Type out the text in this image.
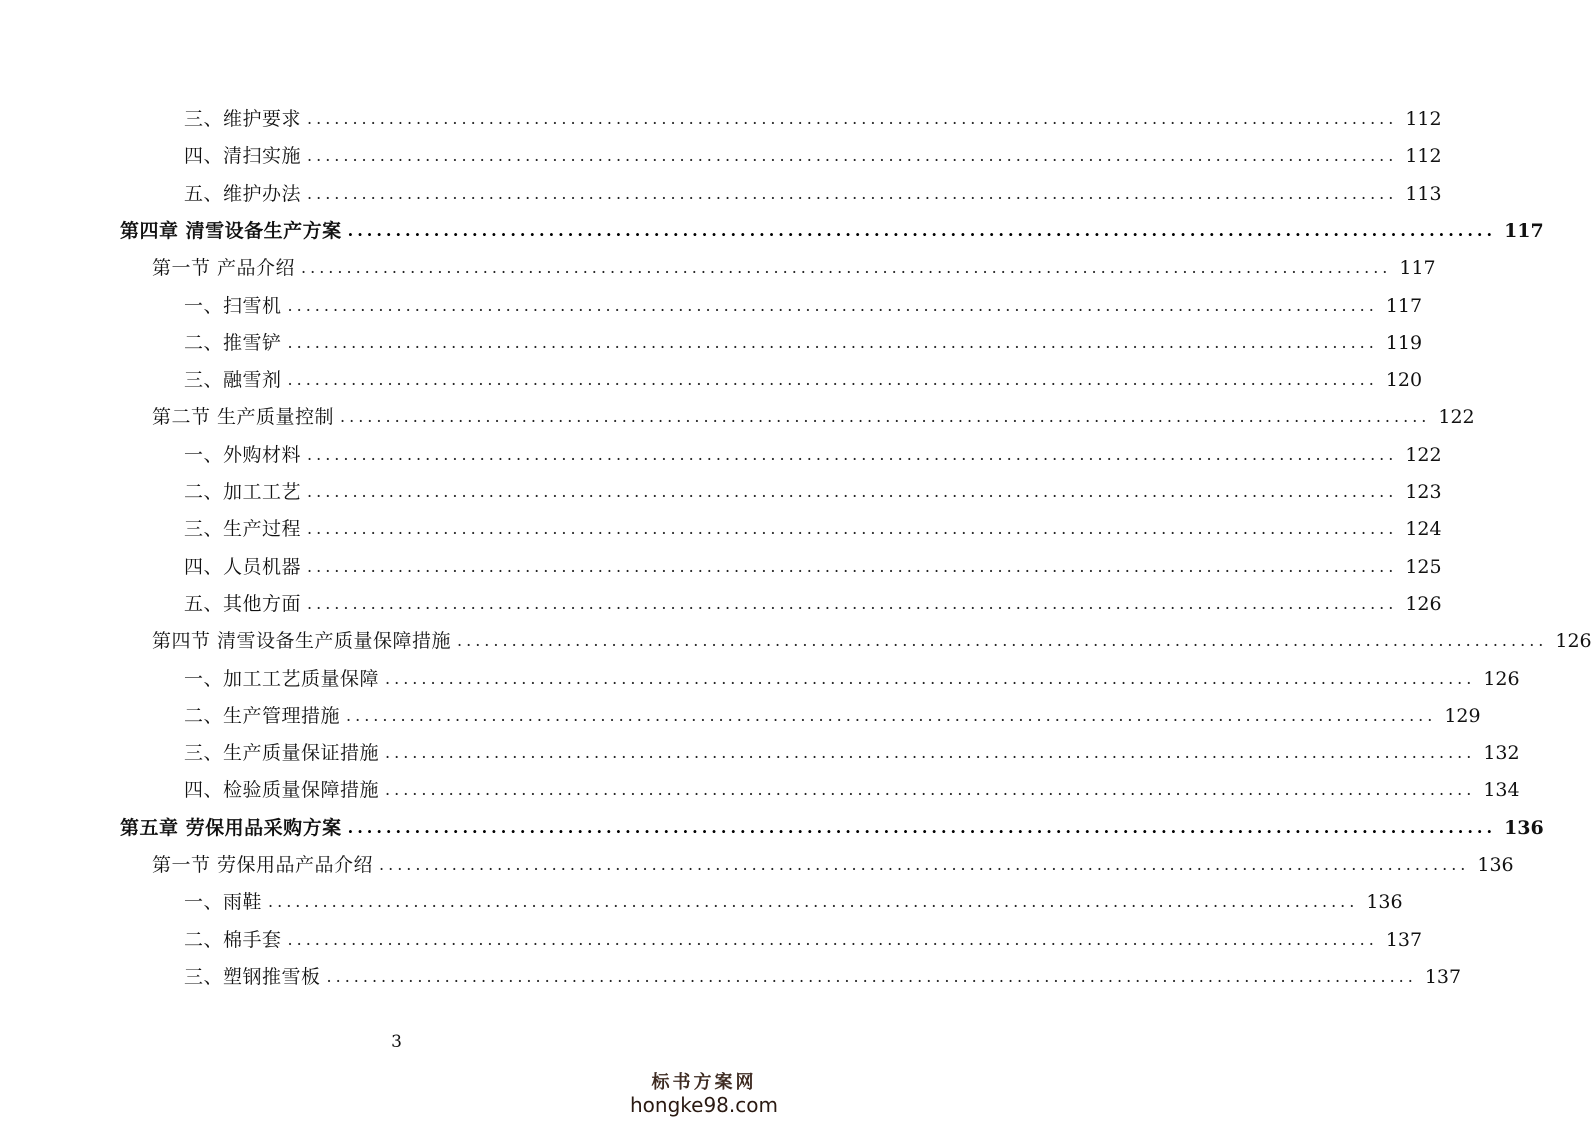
三、维护要求 ........................................................................................................................ 112
四、清扫实施 ........................................................................................................................ 112
五、维护办法 ........................................................................................................................ 113
第四章 清雪设备生产方案 ........................................................................................................................ 117
第一节 产品介绍 ........................................................................................................................ 117
一、扫雪机 ........................................................................................................................ 117
二、推雪铲 ........................................................................................................................ 119
三、融雪剂 ........................................................................................................................ 120
第二节 生产质量控制 ........................................................................................................................ 122
一、外购材料 ........................................................................................................................ 122
二、加工工艺 ........................................................................................................................ 123
三、生产过程 ........................................................................................................................ 124
四、人员机器 ........................................................................................................................ 125
五、其他方面 ........................................................................................................................ 126
第四节 清雪设备生产质量保障措施 ........................................................................................................................ 126
一、加工工艺质量保障 ........................................................................................................................ 126
二、生产管理措施 ........................................................................................................................ 129
三、生产质量保证措施 ........................................................................................................................ 132
四、检验质量保障措施 ........................................................................................................................ 134
第五章 劳保用品采购方案 ........................................................................................................................ 136
第一节 劳保用品产品介绍 ........................................................................................................................ 136
一、雨鞋 ........................................................................................................................ 136
二、棉手套 ........................................................................................................................ 137
三、塑钢推雪板 ........................................................................................................................ 137
3
标书方案网
hongke98.com
